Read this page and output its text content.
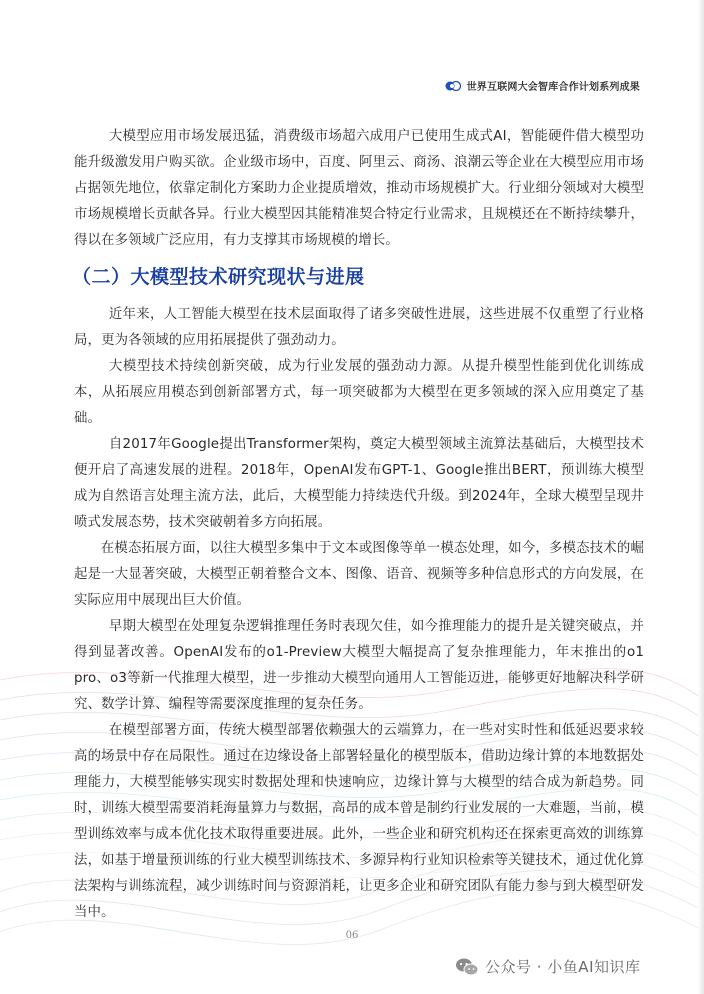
世界互联网大会智库合作计划系列成果

大模型应用市场发展迅猛，消费级市场超六成用户已使用生成式AI，智能硬件借大模型功能升级激发用户购买欲。企业级市场中，百度、阿里云、商汤、浪潮云等企业在大模型应用市场占据领先地位，依靠定制化方案助力企业提质增效，推动市场规模扩大。行业细分领域对大模型市场规模增长贡献各异。行业大模型因其能精准契合特定行业需求，且规模还在不断持续攀升，得以在多领域广泛应用，有力支撑其市场规模的增长。

（二）大模型技术研究现状与进展

近年来，人工智能大模型在技术层面取得了诸多突破性进展，这些进展不仅重塑了行业格局，更为各领域的应用拓展提供了强劲动力。

大模型技术持续创新突破，成为行业发展的强劲动力源。从提升模型性能到优化训练成本，从拓展应用模态到创新部署方式，每一项突破都为大模型在更多领域的深入应用奠定了基础。

自2017年Google提出Transformer架构，奠定大模型领域主流算法基础后，大模型技术便开启了高速发展的进程。2018年，OpenAI发布GPT-1、Google推出BERT，预训练大模型成为自然语言处理主流方法，此后，大模型能力持续迭代升级。到2024年，全球大模型呈现井喷式发展态势，技术突破朝着多方向拓展。

在模态拓展方面，以往大模型多集中于文本或图像等单一模态处理，如今，多模态技术的崛起是一大显著突破，大模型正朝着整合文本、图像、语音、视频等多种信息形式的方向发展，在实际应用中展现出巨大价值。

早期大模型在处理复杂逻辑推理任务时表现欠佳，如今推理能力的提升是关键突破点，并得到显著改善。OpenAI发布的o1-Preview大模型大幅提高了复杂推理能力，年末推出的o1　pro、o3等新一代推理大模型，进一步推动大模型向通用人工智能迈进，能够更好地解决科学研究、数学计算、编程等需要深度推理的复杂任务。

在模型部署方面，传统大模型部署依赖强大的云端算力，在一些对实时性和低延迟要求较高的场景中存在局限性。通过在边缘设备上部署轻量化的模型版本，借助边缘计算的本地数据处理能力，大模型能够实现实时数据处理和快速响应，边缘计算与大模型的结合成为新趋势。同时，训练大模型需要消耗海量算力与数据，高昂的成本曾是制约行业发展的一大难题，当前，模型训练效率与成本优化技术取得重要进展。此外，一些企业和研究机构还在探索更高效的训练算法，如基于增量预训练的行业大模型训练技术、多源异构行业知识检索等关键技术，通过优化算法架构与训练流程，减少训练时间与资源消耗，让更多企业和研究团队有能力参与到大模型研发当中。

06
公众号 · 小鱼AI知识库
